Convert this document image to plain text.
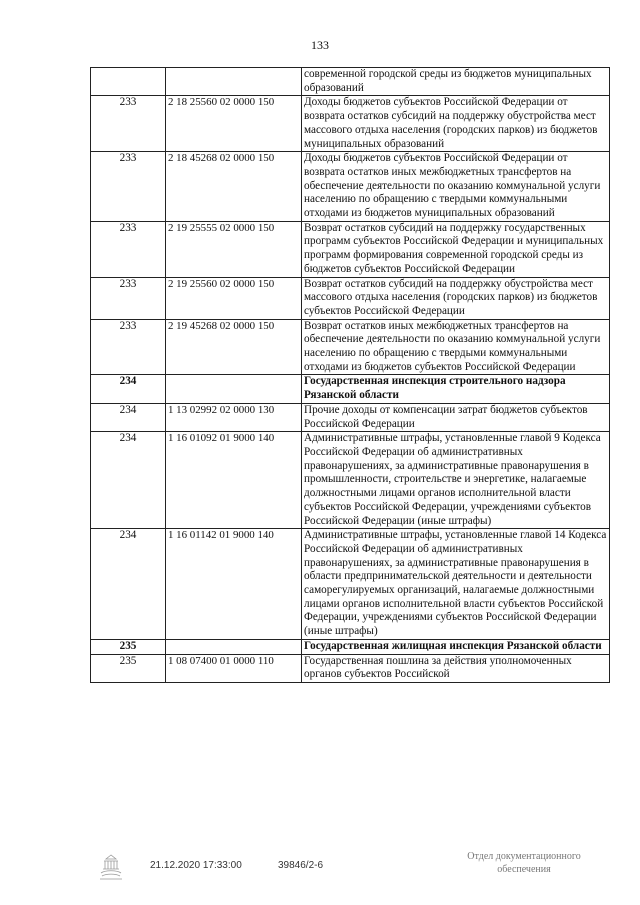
133
		современной городской среды из бюджетов муниципальных образований
233	2 18 25560 02 0000 150	Доходы бюджетов субъектов Российской Федерации от возврата остатков субсидий на поддержку обустройства мест массового отдыха населения (городских парков) из бюджетов муниципальных образований
233	2 18 45268 02 0000 150	Доходы бюджетов субъектов Российской Федерации от возврата остатков иных межбюджетных трансфертов на обеспечение деятельности по оказанию коммунальной услуги населению по обращению с твердыми коммунальными отходами из бюджетов муниципальных образований
233	2 19 25555 02 0000 150	Возврат остатков субсидий на поддержку государственных программ субъектов Российской Федерации и муниципальных программ формирования современной городской среды из бюджетов субъектов Российской Федерации
233	2 19 25560 02 0000 150	Возврат остатков субсидий на поддержку обустройства мест массового отдыха населения (городских парков) из бюджетов субъектов Российской Федерации
233	2 19 45268 02 0000 150	Возврат остатков иных межбюджетных трансфертов на обеспечение деятельности по оказанию коммунальной услуги населению по обращению с твердыми коммунальными отходами из бюджетов субъектов Российской Федерации
234		Государственная инспекция строительного надзора Рязанской области
234	1 13 02992 02 0000 130	Прочие доходы от компенсации затрат бюджетов субъектов Российской Федерации
234	1 16 01092 01 9000 140	Административные штрафы, установленные главой 9 Кодекса Российской Федерации об административных правонарушениях, за административные правонарушения в промышленности, строительстве и энергетике, налагаемые должностными лицами органов исполнительной власти субъектов Российской Федерации, учреждениями субъектов Российской Федерации (иные штрафы)
234	1 16 01142 01 9000 140	Административные штрафы, установленные главой 14 Кодекса Российской Федерации об административных правонарушениях, за административные правонарушения в области предпринимательской деятельности и деятельности саморегулируемых организаций, налагаемые должностными лицами органов исполнительной власти субъектов Российской Федерации, учреждениями субъектов Российской Федерации (иные штрафы)
235		Государственная жилищная инспекция Рязанской области
235	1 08 07400 01 0000 110	Государственная пошлина за действия уполномоченных органов субъектов Российской
21.12.2020 17:33:00	39846/2-6
Отдел документационного
обеспечения
